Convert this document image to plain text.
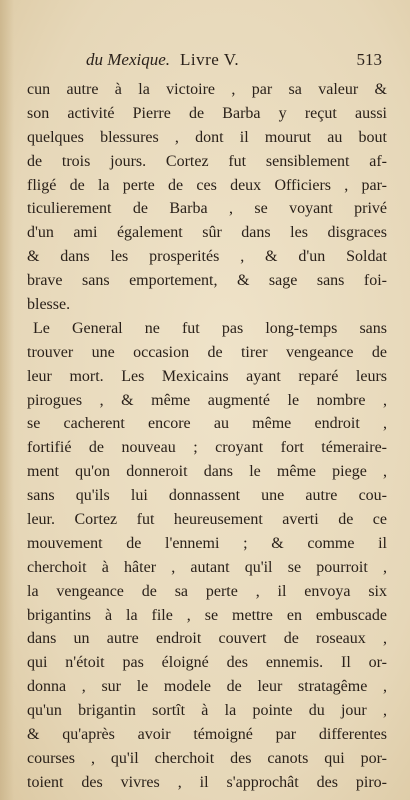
du Mexique. Livre V.	513
cun autre à la victoire , par sa valeur &
son activité Pierre de Barba y reçut aussi
quelques blessures , dont il mourut au bout
de trois jours. Cortez fut sensiblement af-
fligé de la perte de ces deux Officiers , par-
ticulierement de Barba , se voyant privé
d'un ami également sûr dans les disgraces
& dans les prosperités , & d'un Soldat
brave sans emportement, & sage sans foi-
blesse.
Le General ne fut pas long-temps sans
trouver une occasion de tirer vengeance de
leur mort. Les Mexicains ayant reparé leurs
pirogues , & même augmenté le nombre ,
se cacherent encore au même endroit ,
fortifié de nouveau ; croyant fort témeraire-
ment qu'on donneroit dans le même piege ,
sans qu'ils lui donnassent une autre cou-
leur. Cortez fut heureusement averti de ce
mouvement de l'ennemi ; & comme il
cherchoit à hâter , autant qu'il se pourroit ,
la vengeance de sa perte , il envoya six
brigantins à la file , se mettre en embuscade
dans un autre endroit couvert de roseaux ,
qui n'étoit pas éloigné des ennemis. Il or-
donna , sur le modele de leur stratagême ,
qu'un brigantin sortît à la pointe du jour ,
& qu'après avoir témoigné par differentes
courses , qu'il cherchoit des canots qui por-
toient des vivres , il s'approchât des piro-
